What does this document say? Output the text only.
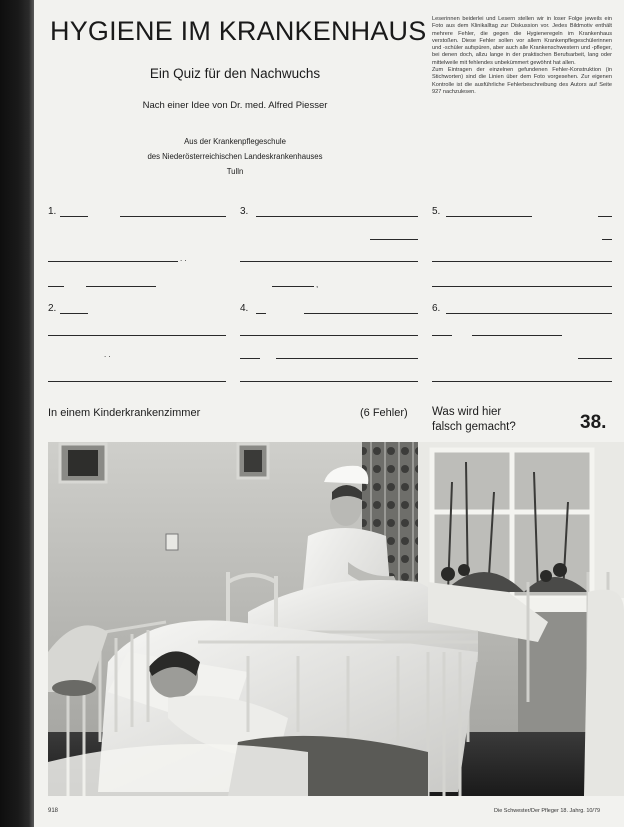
HYGIENE IM KRANKENHAUS
Ein Quiz für den Nachwuchs
Nach einer Idee von Dr. med. Alfred Piesser
Aus der Krankenpflegeschule
des Niederösterreichischen Landeskrankenhauses
Tulln

Leserinnen beiderlei und Lesern stellen wir in loser Folge jeweils ein Foto aus dem Klinikalltag zur Diskussion vor. Jedes Bildmotiv enthält mehrere Fehler, die gegen die Hygieneregeln im Krankenhaus verstoßen. Diese Fehler sollen vor allem Krankenpflegeschülerinnen und -schüler aufspüren, aber auch alle Krankenschwestern und -pfleger, bei denen doch, allzu lange in der praktischen Berufsarbeit, lang oder mittelweile mit fehlendes unbekümmert gewöhnt hat allen.

Zum Eintragen der einzelnen gefundenen Fehler-Konstruktion (in Stichworten) sind die Linien über dem Foto vorgesehen. Zur eigenen Kontrolle ist die ausführliche Fehlerbeschreibung des Autors auf Seite 927 nachzulesen.

1.
. .
2.
. .
3.
,
4.
5.
6.
In einem Kinderkrankenzimmer	(6 Fehler) Was wird hier
falsch gemacht?	38.
918	Die Schwester/Der Pfleger 18. Jahrg. 10/79
